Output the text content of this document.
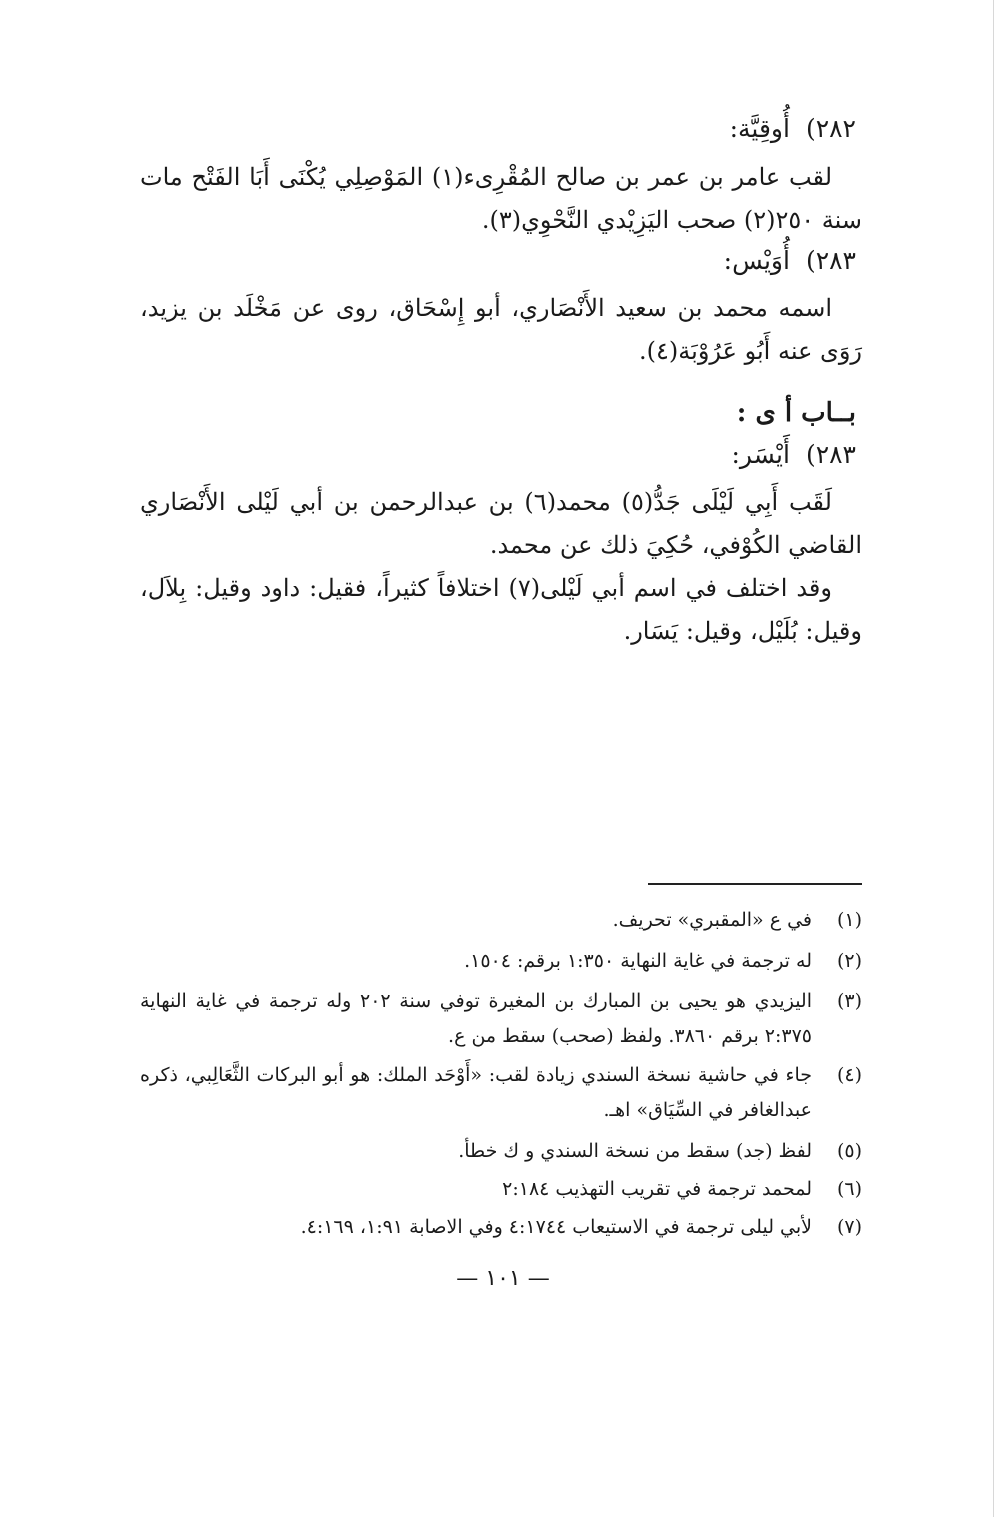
٢٨٢)أُوقِيَّة:
لقب عامر بن عمر بن صالح المُقْرِىء(١) المَوْصِلِي يُكْنَى أَبَا الفَتْح مات سنة ٢٥٠(٢) صحب اليَزِيْدي النَّحْوِي(٣).
٢٨٣)أُوَيْس:
اسمه محمد بن سعيد الأَنْصَاري، أبو إِسْحَاق، روى عن مَخْلَد بن يزيد، رَوَى عنه أَبُو عَرُوْبَة(٤).
بــاب أ ى :
٢٨٣)أَيْسَر:
لَقَب أَبِي لَيْلَى جَدُّ(٥) محمد(٦) بن عبدالرحمن بن أبي لَيْلى الأَنْصَاري القاضي الكُوْفي، حُكِيَ ذلك عن محمد.
وقد اختلف في اسم أبي لَيْلى(٧) اختلافاً كثيراً، فقيل: داود وقيل: بِلاَل، وقيل: بُلَيْل، وقيل: يَسَار.
(١)
في ع «المقبري» تحريف.
(٢)
له ترجمة في غاية النهاية ١:٣٥٠ برقم: ١٥٠٤.
(٣)
اليزيدي هو يحيى بن المبارك بن المغيرة توفي سنة ٢٠٢ وله ترجمة في غاية النهاية ٢:٣٧٥ برقم ٣٨٦٠. ولفظ (صحب) سقط من ع.
(٤)
جاء في حاشية نسخة السندي زيادة لقب: «أَوْحَد الملك: هو أبو البركات الثَّعَالِبي، ذكره عبدالغافر في السِّيَاق» اهـ.
(٥)
لفظ (جد) سقط من نسخة السندي و ك خطأ.
(٦)
لمحمد ترجمة في تقريب التهذيب ٢:١٨٤
(٧)
لأبي ليلى ترجمة في الاستيعاب ٤:١٧٤٤ وفي الاصابة ١:٩١، ٤:١٦٩.
— ١٠١ —
